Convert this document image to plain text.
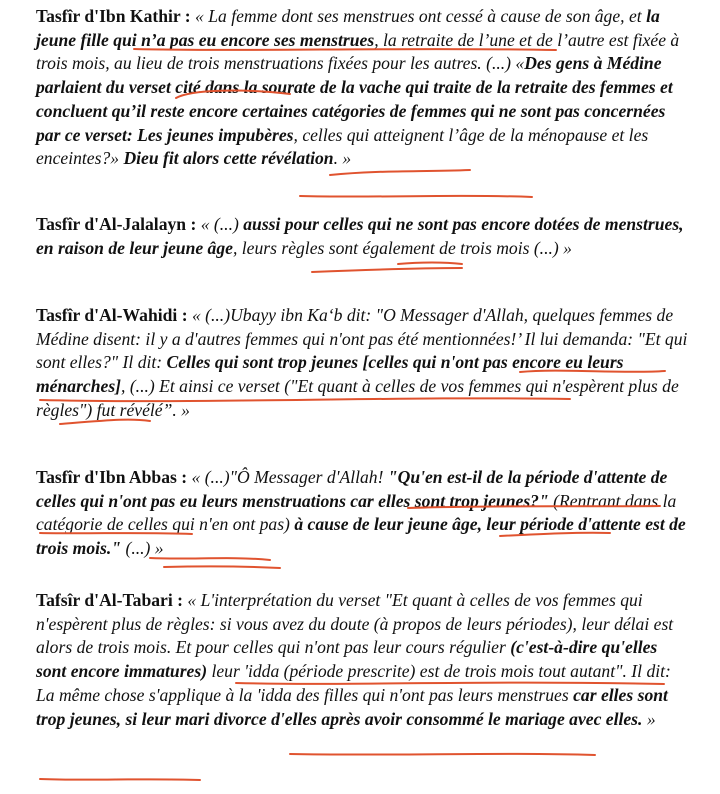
Tasfîr d'Ibn Kathir : « La femme dont ses menstrues ont cessé à cause de son âge, et la jeune fille qui n’a pas eu encore ses menstrues, la retraite de l’une et de l’autre est fixée à trois mois, au lieu de trois menstruations fixées pour les autres. (...) «Des gens à Médine parlaient du verset cité dans la sourate de la vache qui traite de la retraite des femmes et concluent qu’il reste encore certaines catégories de femmes qui ne sont pas concernées par ce verset: Les jeunes impubères, celles qui atteignent l’âge de la ménopause et les enceintes?» Dieu fit alors cette révélation. »
Tasfîr d'Al-Jalalayn : « (...) aussi pour celles qui ne sont pas encore dotées de menstrues, en raison de leur jeune âge, leurs règles sont également de trois mois (...) »
Tasfîr d'Al-Wahidi : « (...)Ubayy ibn Ka‘b dit: "O Messager d'Allah, quelques femmes de Médine disent: il y a d'autres femmes qui n'ont pas été mentionnées!’ Il lui demanda: "Et qui sont elles?" Il dit: Celles qui sont trop jeunes [celles qui n'ont pas encore eu leurs ménarches], (...) Et ainsi ce verset ("Et quant à celles de vos femmes qui n'espèrent plus de règles") fut révélé”. »
Tasfîr d'Ibn Abbas : « (...)"Ô Messager d'Allah! "Qu'en est-il de la période d'attente de celles qui n'ont pas eu leurs menstruations car elles sont trop jeunes?" (Rentrant dans la catégorie de celles qui n'en ont pas) à cause de leur jeune âge, leur période d'attente est de trois mois." (...) »
Tafsîr d'Al-Tabari : « L'interprétation du verset "Et quant à celles de vos femmes qui n'espèrent plus de règles: si vous avez du doute (à propos de leurs périodes), leur délai est alors de trois mois. Et pour celles qui n'ont pas leur cours régulier (c'est-à-dire qu'elles sont encore immatures) leur 'idda (période prescrite) est de trois mois tout autant". Il dit: La même chose s'applique à la 'idda des filles qui n'ont pas leurs menstrues car elles sont trop jeunes, si leur mari divorce d'elles après avoir consommé le mariage avec elles. »
